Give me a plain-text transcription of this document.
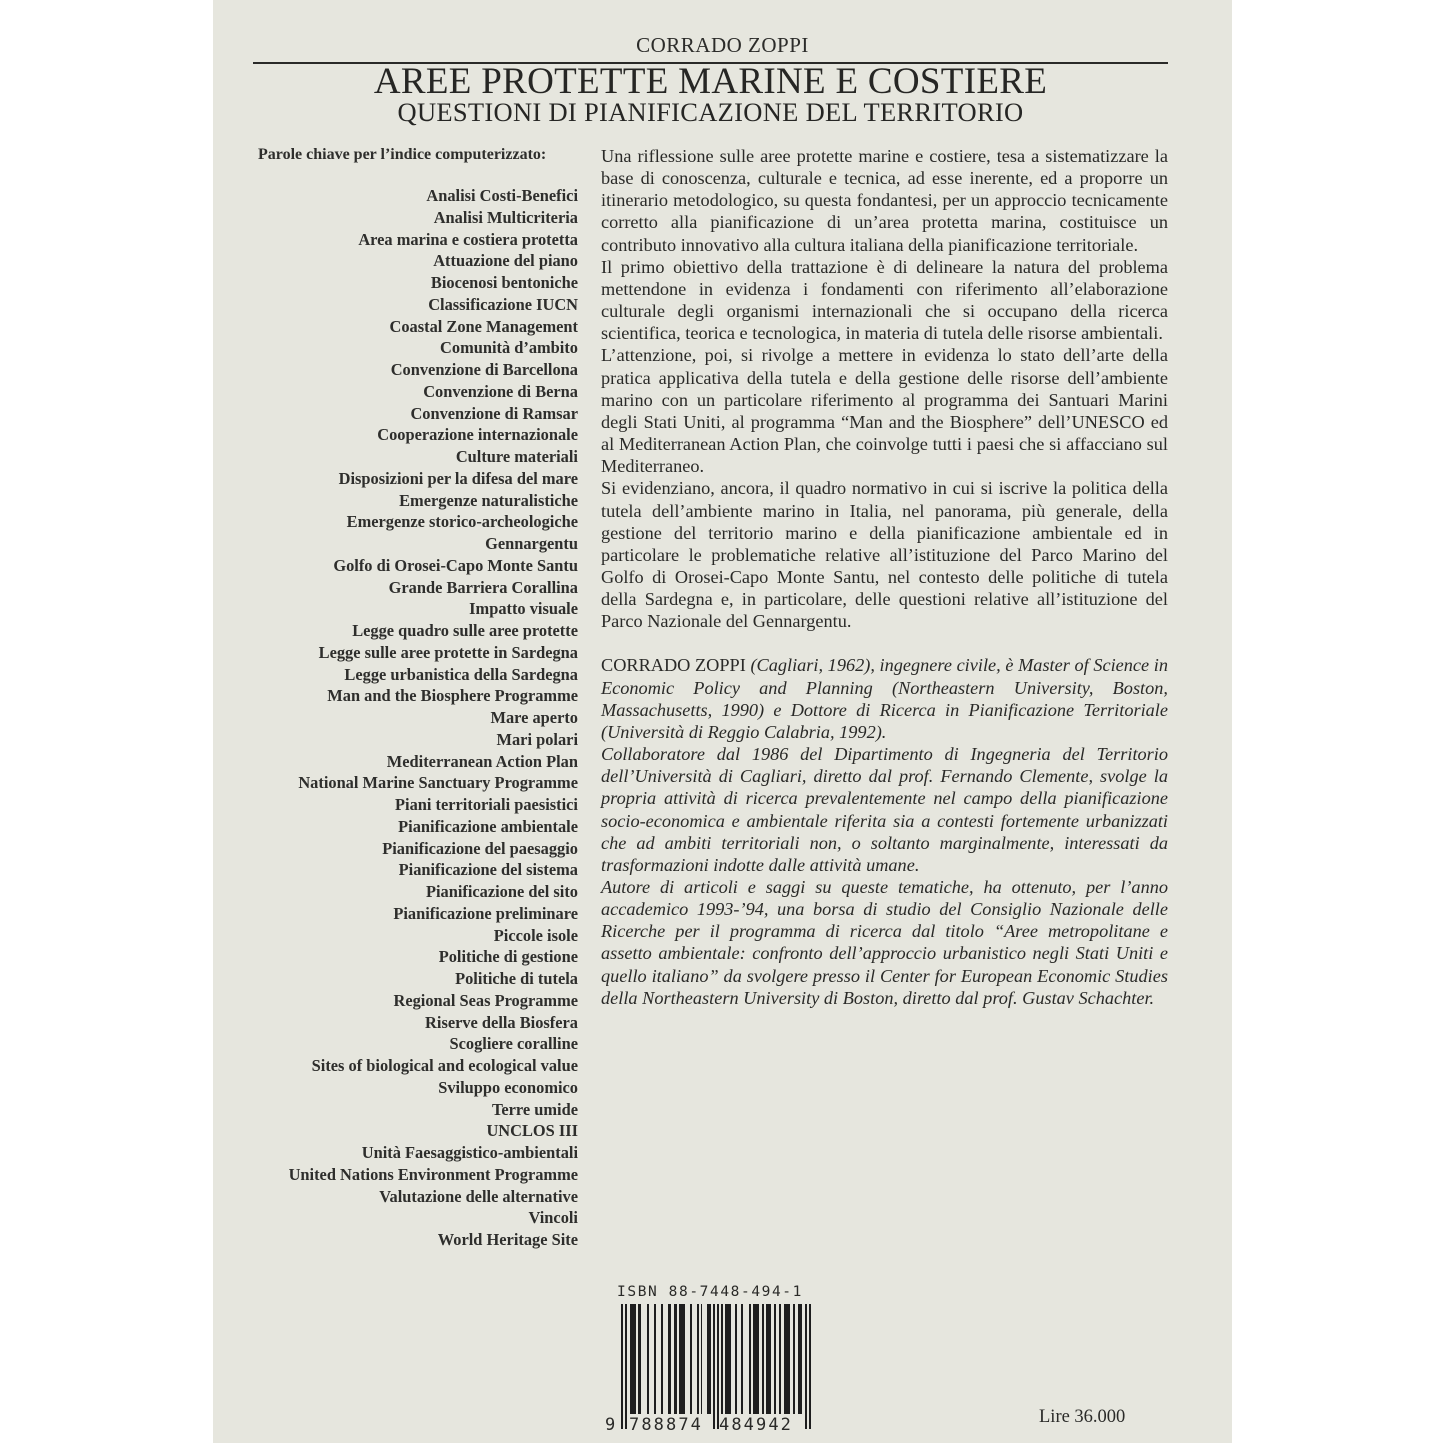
CORRADO ZOPPI
AREE PROTETTE MARINE E COSTIERE
QUESTIONI DI PIANIFICAZIONE DEL TERRITORIO
Parole chiave per l’indice computerizzato:
Analisi Costi-Benefici
Analisi Multicriteria
Area marina e costiera protetta
Attuazione del piano
Biocenosi bentoniche
Classificazione IUCN
Coastal Zone Management
Comunità d’ambito
Convenzione di Barcellona
Convenzione di Berna
Convenzione di Ramsar
Cooperazione internazionale
Culture materiali
Disposizioni per la difesa del mare
Emergenze naturalistiche
Emergenze storico-archeologiche
Gennargentu
Golfo di Orosei-Capo Monte Santu
Grande Barriera Corallina
Impatto visuale
Legge quadro sulle aree protette
Legge sulle aree protette in Sardegna
Legge urbanistica della Sardegna
Man and the Biosphere Programme
Mare aperto
Mari polari
Mediterranean Action Plan
National Marine Sanctuary Programme
Piani territoriali paesistici
Pianificazione ambientale
Pianificazione del paesaggio
Pianificazione del sistema
Pianificazione del sito
Pianificazione preliminare
Piccole isole
Politiche di gestione
Politiche di tutela
Regional Seas Programme
Riserve della Biosfera
Scogliere coralline
Sites of biological and ecological value
Sviluppo economico
Terre umide
UNCLOS III
Unità Faesaggistico-ambientali
United Nations Environment Programme
Valutazione delle alternative
Vincoli
World Heritage Site

Una riflessione sulle aree protette marine e costiere, tesa a sistematizzare la base di conoscenza, culturale e tecnica, ad esse inerente, ed a proporre un itinerario metodologico, su questa fondantesi, per un approccio tecnicamente corretto alla pianificazione di un’area protetta marina, costituisce un contributo innovativo alla cultura italiana della pianificazione territoriale.

Il primo obiettivo della trattazione è di delineare la natura del problema mettendone in evidenza i fondamenti con riferimento all’elaborazione culturale degli organismi internazionali che si occupano della ricerca scientifica, teorica e tecnologica, in materia di tutela delle risorse ambientali.

L’attenzione, poi, si rivolge a mettere in evidenza lo stato dell’arte della pratica applicativa della tutela e della gestione delle risorse dell’ambiente marino con un particolare riferimento al programma dei Santuari Marini degli Stati Uniti, al programma “Man and the Biosphere” dell’UNESCO ed al Mediterranean Action Plan, che coinvolge tutti i paesi che si affacciano sul Mediterraneo.

Si evidenziano, ancora, il quadro normativo in cui si iscrive la politica della tutela dell’ambiente marino in Italia, nel panorama, più generale, della gestione del territorio marino e della pianificazione ambientale ed in particolare le problematiche relative all’istituzione del Parco Marino del Golfo di Orosei-Capo Monte Santu, nel contesto delle politiche di tutela della Sardegna e, in particolare, delle questioni relative all’istituzione del Parco Nazionale del Gennargentu.

CORRADO ZOPPI (Cagliari, 1962), ingegnere civile, è Master of Science in Economic Policy and Planning (Northeastern University, Boston, Massachusetts, 1990) e Dottore di Ricerca in Pianificazione Territoriale (Università di Reggio Calabria, 1992).

Collaboratore dal 1986 del Dipartimento di Ingegneria del Territorio dell’Università di Cagliari, diretto dal prof. Fernando Clemente, svolge la propria attività di ricerca prevalentemente nel campo della pianificazione socio-economica e ambientale riferita sia a contesti fortemente urbanizzati che ad ambiti territoriali non, o soltanto marginalmente, interessati da trasformazioni indotte dalle attività umane.

Autore di articoli e saggi su queste tematiche, ha ottenuto, per l’anno accademico 1993-’94, una borsa di studio del Consiglio Nazionale delle Ricerche per il programma di ricerca dal titolo “Aree metropolitane e assetto ambientale: confronto dell’approccio urbanistico negli Stati Uniti e quello italiano” da svolgere presso il Center for European Economic Studies della Northeastern University di Boston, diretto dal prof. Gustav Schachter.

ISBN 88-7448-494-1
9 788874 484942	Lire 36.000
